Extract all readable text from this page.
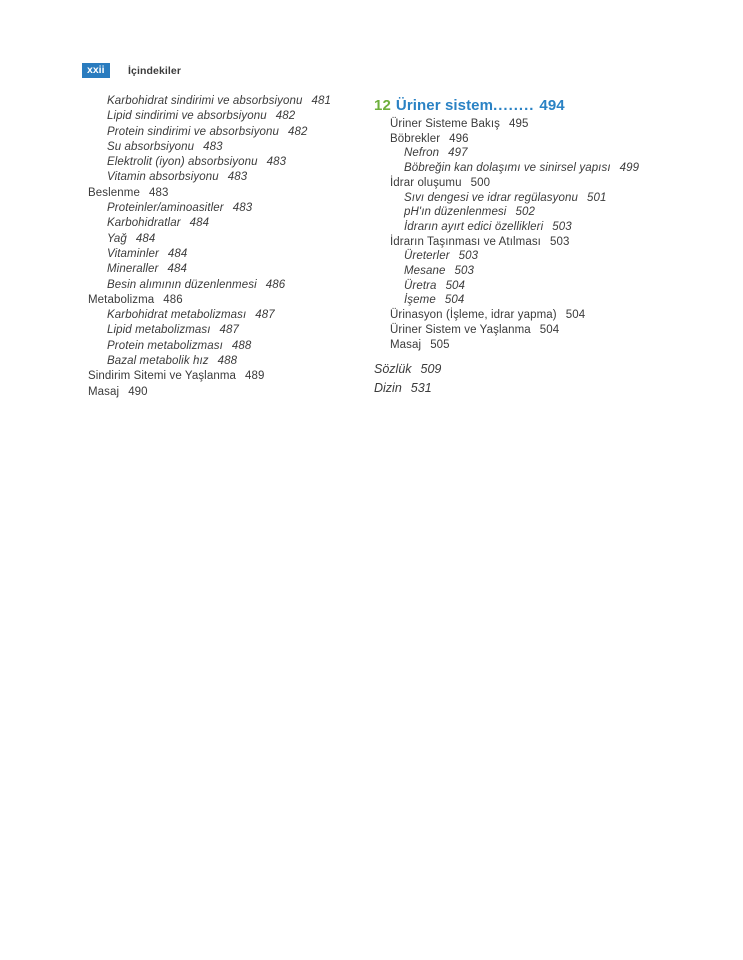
xxii	İçindekiler
Karbohidrat sindirimi ve absorbsiyonu 481
Lipid sindirimi ve absorbsiyonu 482
Protein sindirimi ve absorbsiyonu 482
Su absorbsiyonu 483
Elektrolit (iyon) absorbsiyonu 483
Vitamin absorbsiyonu 483
Beslenme 483
Proteinler/aminoasitler 483
Karbohidratlar 484
Yağ 484
Vitaminler 484
Mineraller 484
Besin alımının düzenlenmesi 486
Metabolizma 486
Karbohidrat metabolizması 487
Lipid metabolizması 487
Protein metabolizması 488
Bazal metabolik hız 488
Sindirim Sitemi ve Yaşlanma 489
Masaj 490
12 Üriner sistem........ 494
Üriner Sisteme Bakış 495
Böbrekler 496
Nefron 497
Böbreğin kan dolaşımı ve sinirsel yapısı 499
İdrar oluşumu 500
Sıvı dengesi ve idrar regülasyonu 501
pH'ın düzenlenmesi 502
İdrarın ayırt edici özellikleri 503
İdrarın Taşınması ve Atılması 503
Üreterler 503
Mesane 503
Üretra 504
İşeme 504
Ürinasyon (İşleme, idrar yapma) 504
Üriner Sistem ve Yaşlanma 504
Masaj 505
Sözlük 509
Dizin 531
